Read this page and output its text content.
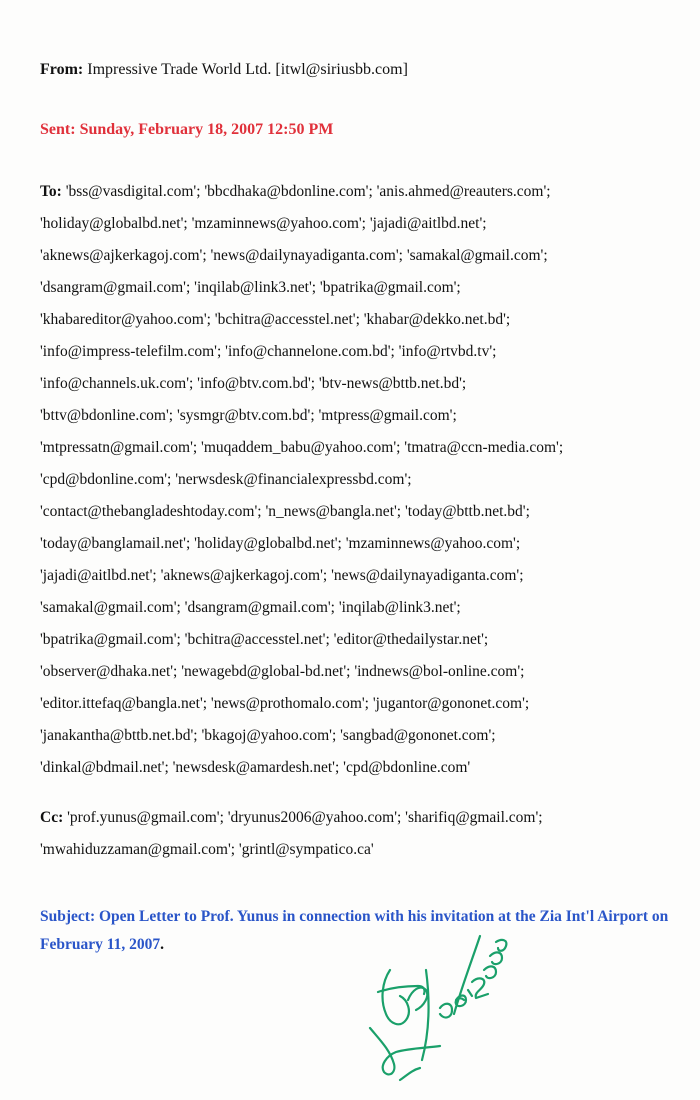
From: Impressive Trade World Ltd. [itwl@siriusbb.com]
Sent: Sunday, February 18, 2007 12:50 PM
To: 'bss@vasdigital.com'; 'bbcdhaka@bdonline.com'; 'anis.ahmed@reauters.com';
'holiday@globalbd.net'; 'mzaminnews@yahoo.com'; 'jajadi@aitlbd.net';
'aknews@ajkerkagoj.com'; 'news@dailynayadiganta.com'; 'samakal@gmail.com';
'dsangram@gmail.com'; 'inqilab@link3.net'; 'bpatrika@gmail.com';
'khabareditor@yahoo.com'; 'bchitra@accesstel.net'; 'khabar@dekko.net.bd';
'info@impress-telefilm.com'; 'info@channelone.com.bd'; 'info@rtvbd.tv';
'info@channels.uk.com'; 'info@btv.com.bd'; 'btv-news@bttb.net.bd';
'bttv@bdonline.com'; 'sysmgr@btv.com.bd'; 'mtpress@gmail.com';
'mtpressatn@gmail.com'; 'muqaddem_babu@yahoo.com'; 'tmatra@ccn-media.com';
'cpd@bdonline.com'; 'nerwsdesk@financialexpressbd.com';
'contact@thebangladeshtoday.com'; 'n_news@bangla.net'; 'today@bttb.net.bd';
'today@banglamail.net'; 'holiday@globalbd.net'; 'mzaminnews@yahoo.com';
'jajadi@aitlbd.net'; 'aknews@ajkerkagoj.com'; 'news@dailynayadiganta.com';
'samakal@gmail.com'; 'dsangram@gmail.com'; 'inqilab@link3.net';
'bpatrika@gmail.com'; 'bchitra@accesstel.net'; 'editor@thedailystar.net';
'observer@dhaka.net'; 'newagebd@global-bd.net'; 'indnews@bol-online.com';
'editor.ittefaq@bangla.net'; 'news@prothomalo.com'; 'jugantor@gononet.com';
'janakantha@bttb.net.bd'; 'bkagoj@yahoo.com'; 'sangbad@gononet.com';
'dinkal@bdmail.net'; 'newsdesk@amardesh.net'; 'cpd@bdonline.com'
Cc: 'prof.yunus@gmail.com'; 'dryunus2006@yahoo.com'; 'sharifiq@gmail.com';
'mwahiduzzaman@gmail.com'; 'grintl@sympatico.ca'
Subject: Open Letter to Prof. Yunus in connection with his invitation at the Zia Int'l Airport on February 11, 2007.
